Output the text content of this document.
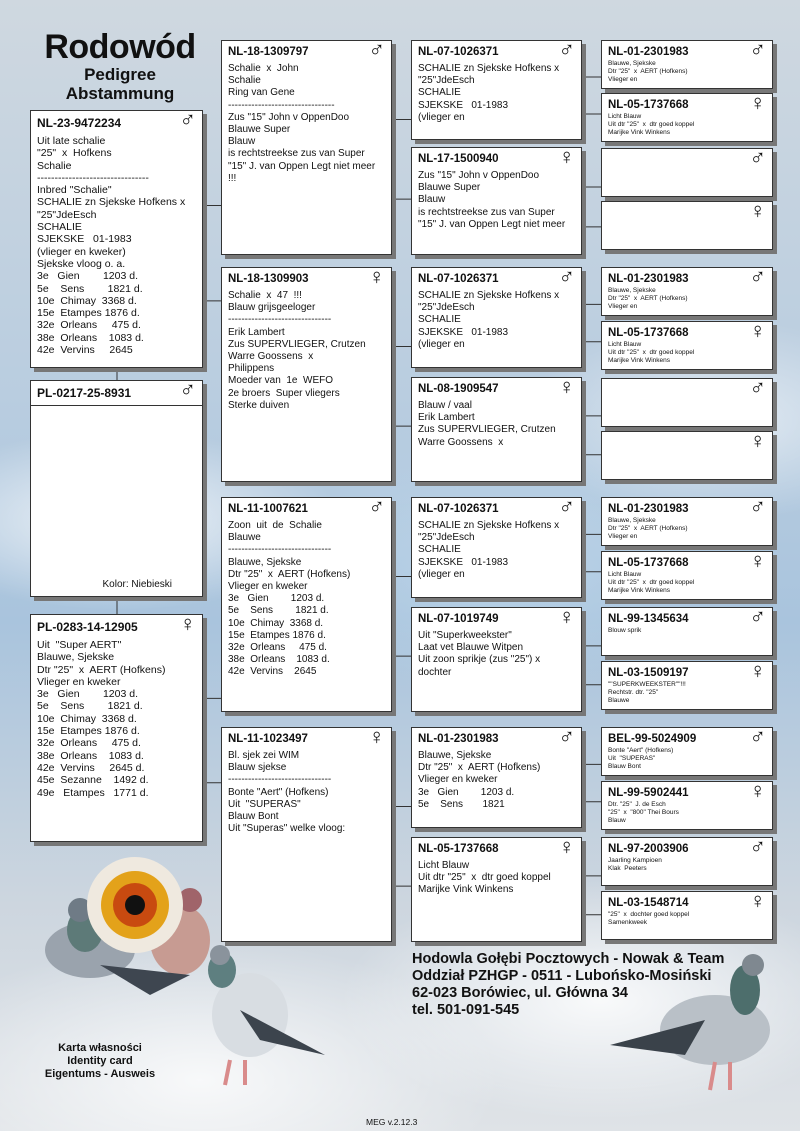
Rodowód
Pedigree
Abstammung
NL-23-9472234	♂
Uit late schalie
"25"  x  Hofkens
Schalie
--------------------------------
Inbred "Schalie"
SCHALIE zn Sjekske Hofkens x
"25"JdeEsch
SCHALIE
SJEKSKE   01-1983
(vlieger en kweker)
Sjekske vloog o. a.
3e   Gien        1203 d.
5e    Sens        1821 d.
10e  Chimay  3368 d.
15e  Etampes 1876 d.
32e  Orleans     475 d.
38e  Orleans    1083 d.
42e  Vervins     2645
PL-0217-25-8931	♂
Kolor: Niebieski
PL-0283-14-12905	♀
Uit  "Super AERT"
Blauwe, Sjekske
Dtr "25"  x  AERT (Hofkens)
Vlieger en kweker
3e   Gien        1203 d.
5e    Sens        1821 d.
10e  Chimay  3368 d.
15e  Etampes 1876 d.
32e  Orleans     475 d.
38e  Orleans    1083 d.
42e  Vervins     2645 d.
45e  Sezanne    1492 d.
49e   Etampes   1771 d.
NL-18-1309797	♂
Schalie  x  John
Schalie
Ring van Gene
--------------------------------
Zus "15" John v OppenDoo
Blauwe Super
Blauw
is rechtstreekse zus van Super
"15" J. van Oppen Legt niet meer
!!!
NL-18-1309903	♀
Schalie  x  47  !!!
Blauw grijsgeeloger
-------------------------------
Erik Lambert
Zus SUPERVLIEGER, Crutzen
Warre Goossens  x
Philippens
Moeder van  1e  WEFO
2e broers  Super vliegers
Sterke duiven
NL-11-1007621	♂
Zoon  uit  de  Schalie
Blauwe
-------------------------------
Blauwe, Sjekske
Dtr "25"  x  AERT (Hofkens)
Vlieger en kweker
3e   Gien        1203 d.
5e    Sens        1821 d.
10e  Chimay  3368 d.
15e  Etampes 1876 d.
32e  Orleans     475 d.
38e  Orleans    1083 d.
42e  Vervins    2645
NL-11-1023497	♀
Bl. sjek zei WIM
Blauw sjekse
-------------------------------
Bonte "Aert" (Hofkens)
Uit  "SUPERAS"
Blauw Bont
Uit "Superas" welke vloog:
NL-07-1026371	♂
SCHALIE zn Sjekske Hofkens x
"25"JdeEsch
SCHALIE
SJEKSKE   01-1983
(vlieger en
NL-17-1500940	♀
Zus "15" John v OppenDoo
Blauwe Super
Blauw
is rechtstreekse zus van Super
"15" J. van Oppen Legt niet meer
NL-07-1026371	♂
SCHALIE zn Sjekske Hofkens x
"25"JdeEsch
SCHALIE
SJEKSKE   01-1983
(vlieger en
NL-08-1909547	♀
Blauw / vaal
Erik Lambert
Zus SUPERVLIEGER, Crutzen
Warre Goossens  x
NL-07-1026371	♂
SCHALIE zn Sjekske Hofkens x
"25"JdeEsch
SCHALIE
SJEKSKE   01-1983
(vlieger en
NL-07-1019749	♀
Uit "Superkweekster"
Laat vet Blauwe Witpen
Uit zoon sprikje (zus "25") x
dochter
NL-01-2301983	♂
Blauwe, Sjekske
Dtr "25"  x  AERT (Hofkens)
Vlieger en kweker
3e   Gien        1203 d.
5e    Sens       1821
NL-05-1737668	♀
Licht Blauw
Uit dtr "25"  x  dtr goed koppel
Marijke Vink Winkens
NL-01-2301983	♂
Blauwe, Sjekske
Dtr "25"  x  AERT (Hofkens)
Vlieger en
NL-05-1737668	♀
Licht Blauw
Uit dtr "25"  x  dtr goed koppel
Marijke Vink Winkens

♂

♀
NL-01-2301983	♂
Blauwe, Sjekske
Dtr "25"  x  AERT (Hofkens)
Vlieger en
NL-05-1737668	♀
Licht Blauw
Uit dtr "25"  x  dtr goed koppel
Marijke Vink Winkens

♂

♀
NL-01-2301983	♂
Blauwe, Sjekske
Dtr "25"  x  AERT (Hofkens)
Vlieger en
NL-05-1737668	♀
Licht Blauw
Uit dtr "25"  x  dtr goed koppel
Marijke Vink Winkens
NL-99-1345634	♂
Blouw sprik
NL-03-1509197	♀
""SUPERKWEEKSTER""!!!
Rechtstr. dtr. "25"
Blauwe
BEL-99-5024909	♂
Bonte "Aert" (Hofkens)
Uit  "SUPERAS"
Blauw Bont
NL-99-5902441	♀
Dtr. "25"  J. de Esch
"25"  x  "800" Thei Bours
Blauw
NL-97-2003906	♂
Jaarling Kampioen
Klak  Peeters
NL-03-1548714	♀
"25"  x  dochter goed koppel
Samenkweek
Hodowla Gołębi Pocztowych - Nowak & Team
Oddział PZHGP - 0511 - Lubońsko-Mosiński
62-023 Borówiec, ul. Główna 34
tel. 501-091-545
Karta własności
Identity card
Eigentums - Ausweis
MEG v.2.12.3
